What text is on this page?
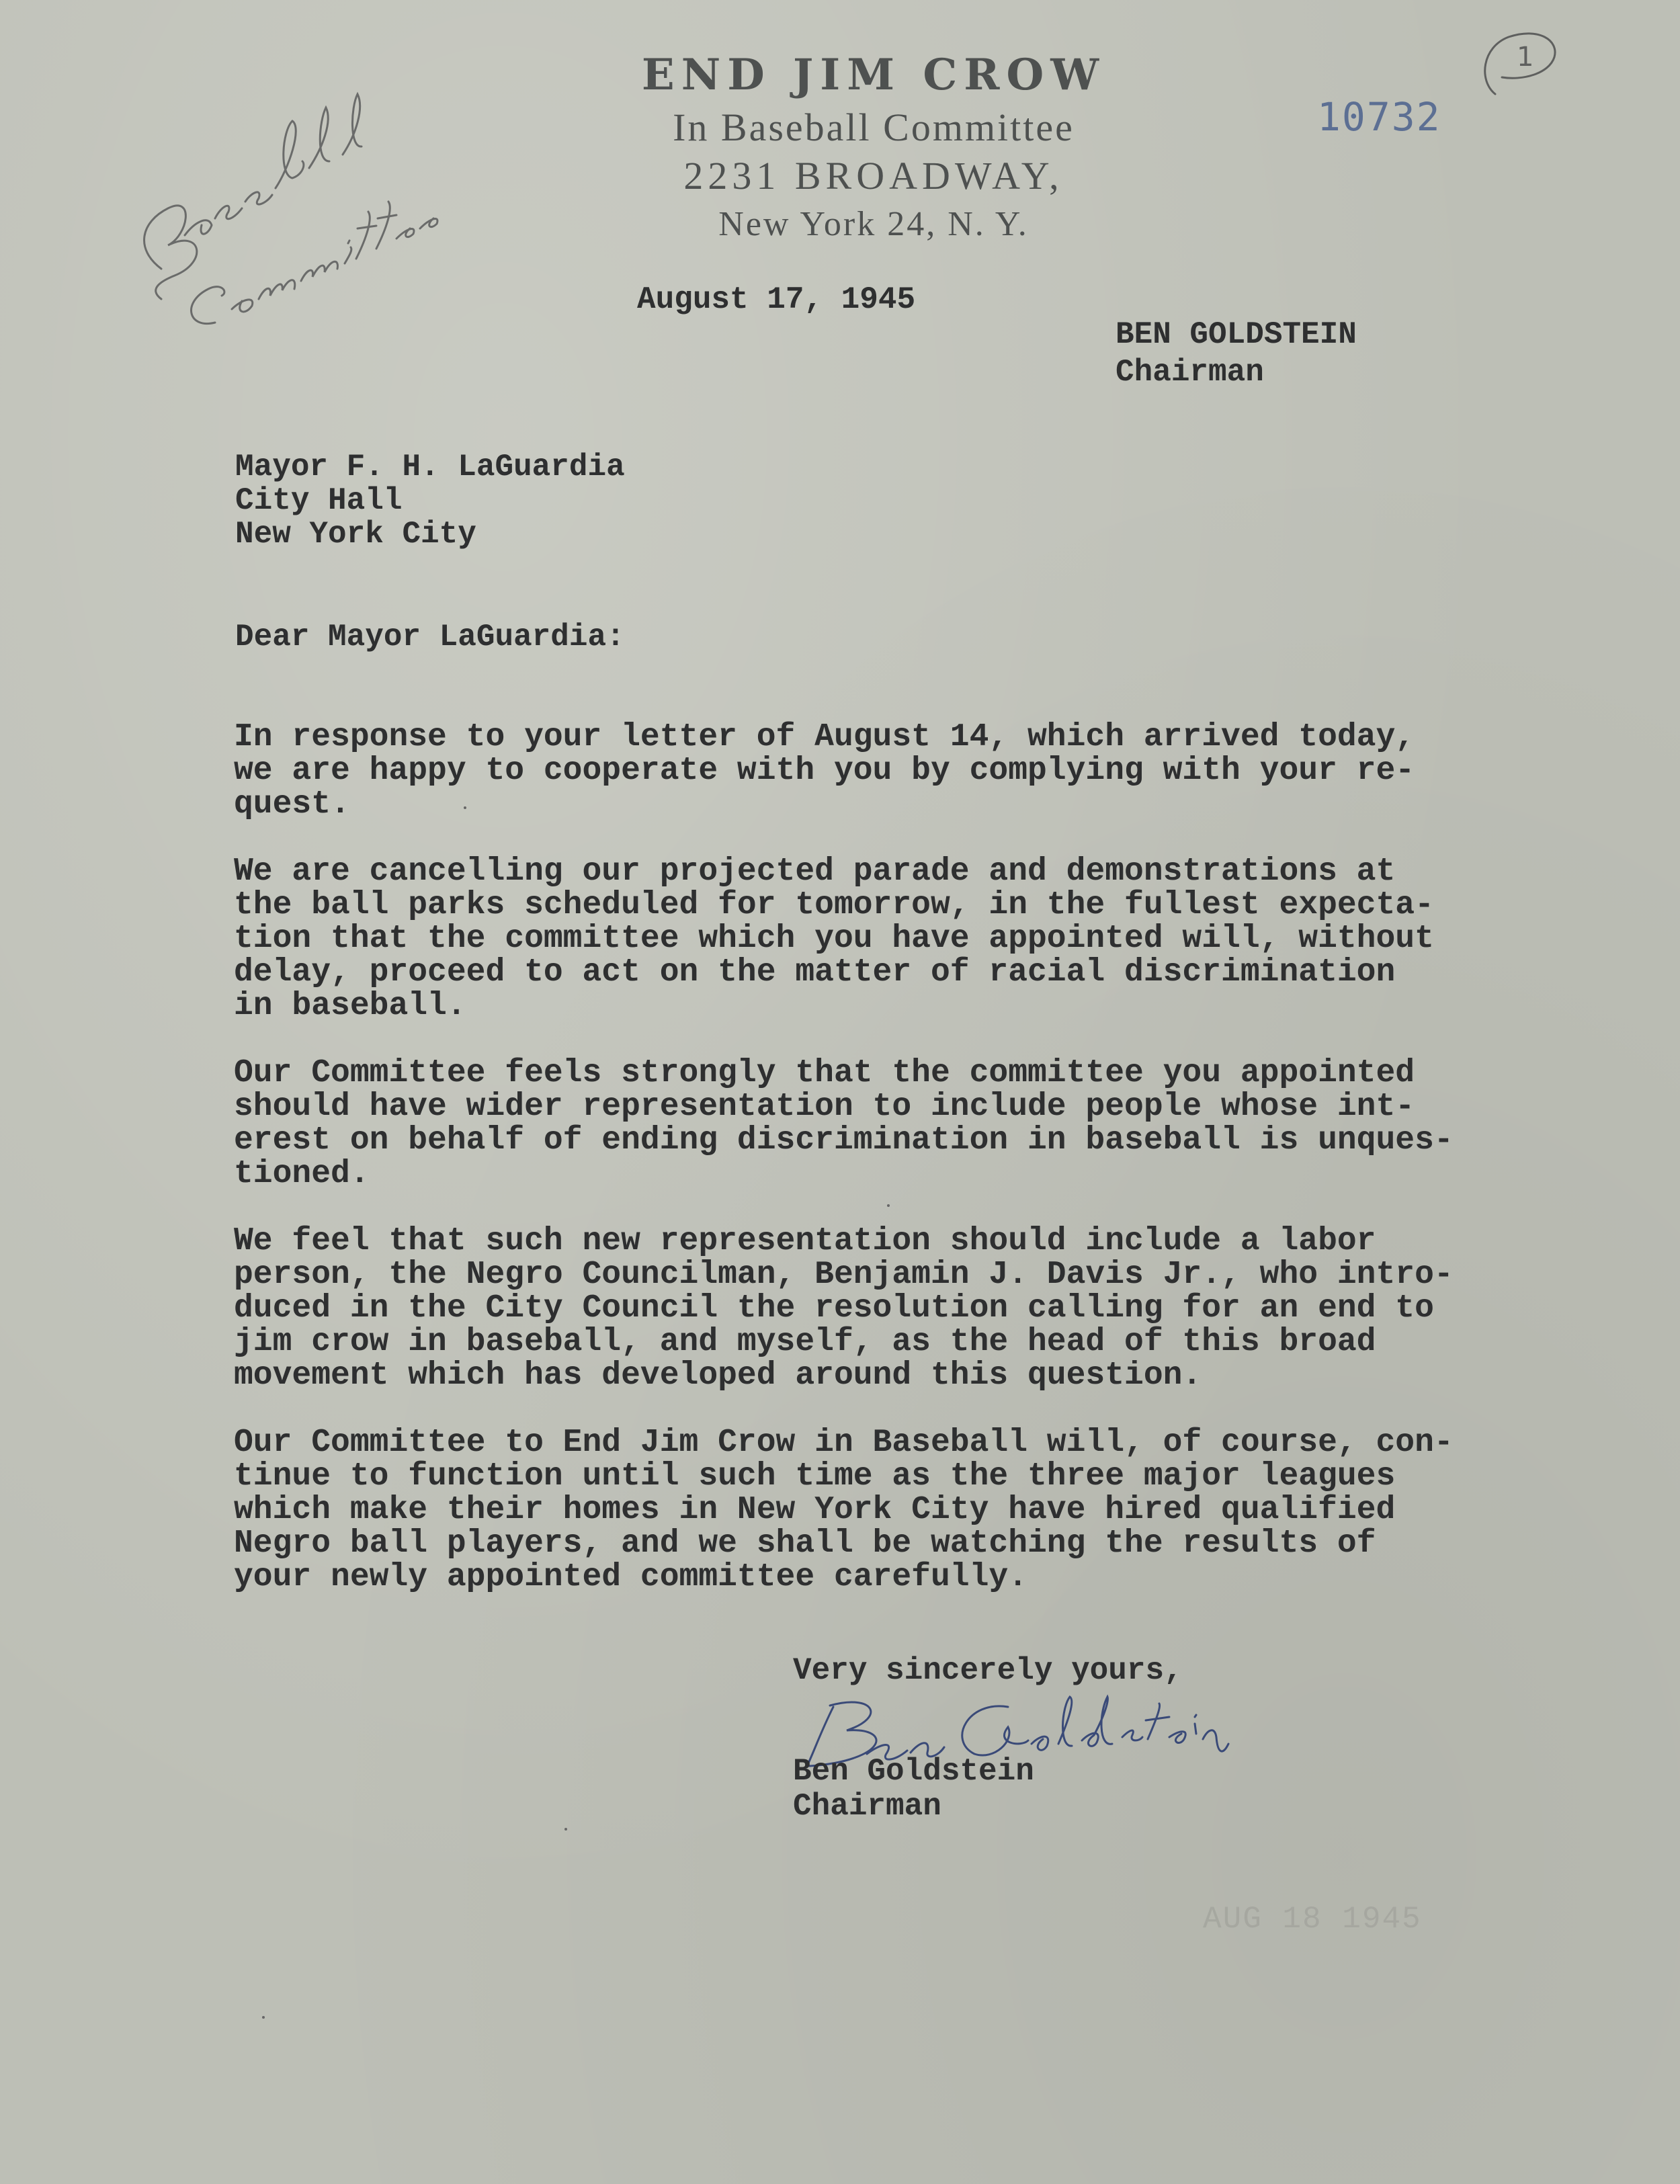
END JIM CROW
In Baseball Committee
2231 BROADWAY,
New York 24, N. Y.
10732
1
August 17, 1945
BEN GOLDSTEIN
Chairman
Mayor F. H. LaGuardia
City Hall
New York City
Dear Mayor LaGuardia:

In response to your letter of August 14, which arrived today,
we are happy to cooperate with you by complying with your re-
quest.

We are cancelling our projected parade and demonstrations at
the ball parks scheduled for tomorrow, in the fullest expecta-
tion that the committee which you have appointed will, without
delay, proceed to act on the matter of racial discrimination
in baseball.

Our Committee feels strongly that the committee you appointed
should have wider representation to include people whose int-
erest on behalf of ending discrimination in baseball is unques-
tioned.

We feel that such new representation should include a labor
person, the Negro Councilman, Benjamin J. Davis Jr., who intro-
duced in the City Council the resolution calling for an end to
jim crow in baseball, and myself, as the head of this broad
movement which has developed around this question.

Our Committee to End Jim Crow in Baseball will, of course, con-
tinue to function until such time as the three major leagues
which make their homes in New York City have hired qualified
Negro ball players, and we shall be watching the results of
your newly appointed committee carefully.

Very sincerely yours,
Ben Goldstein
Chairman
AUG 18 1945
